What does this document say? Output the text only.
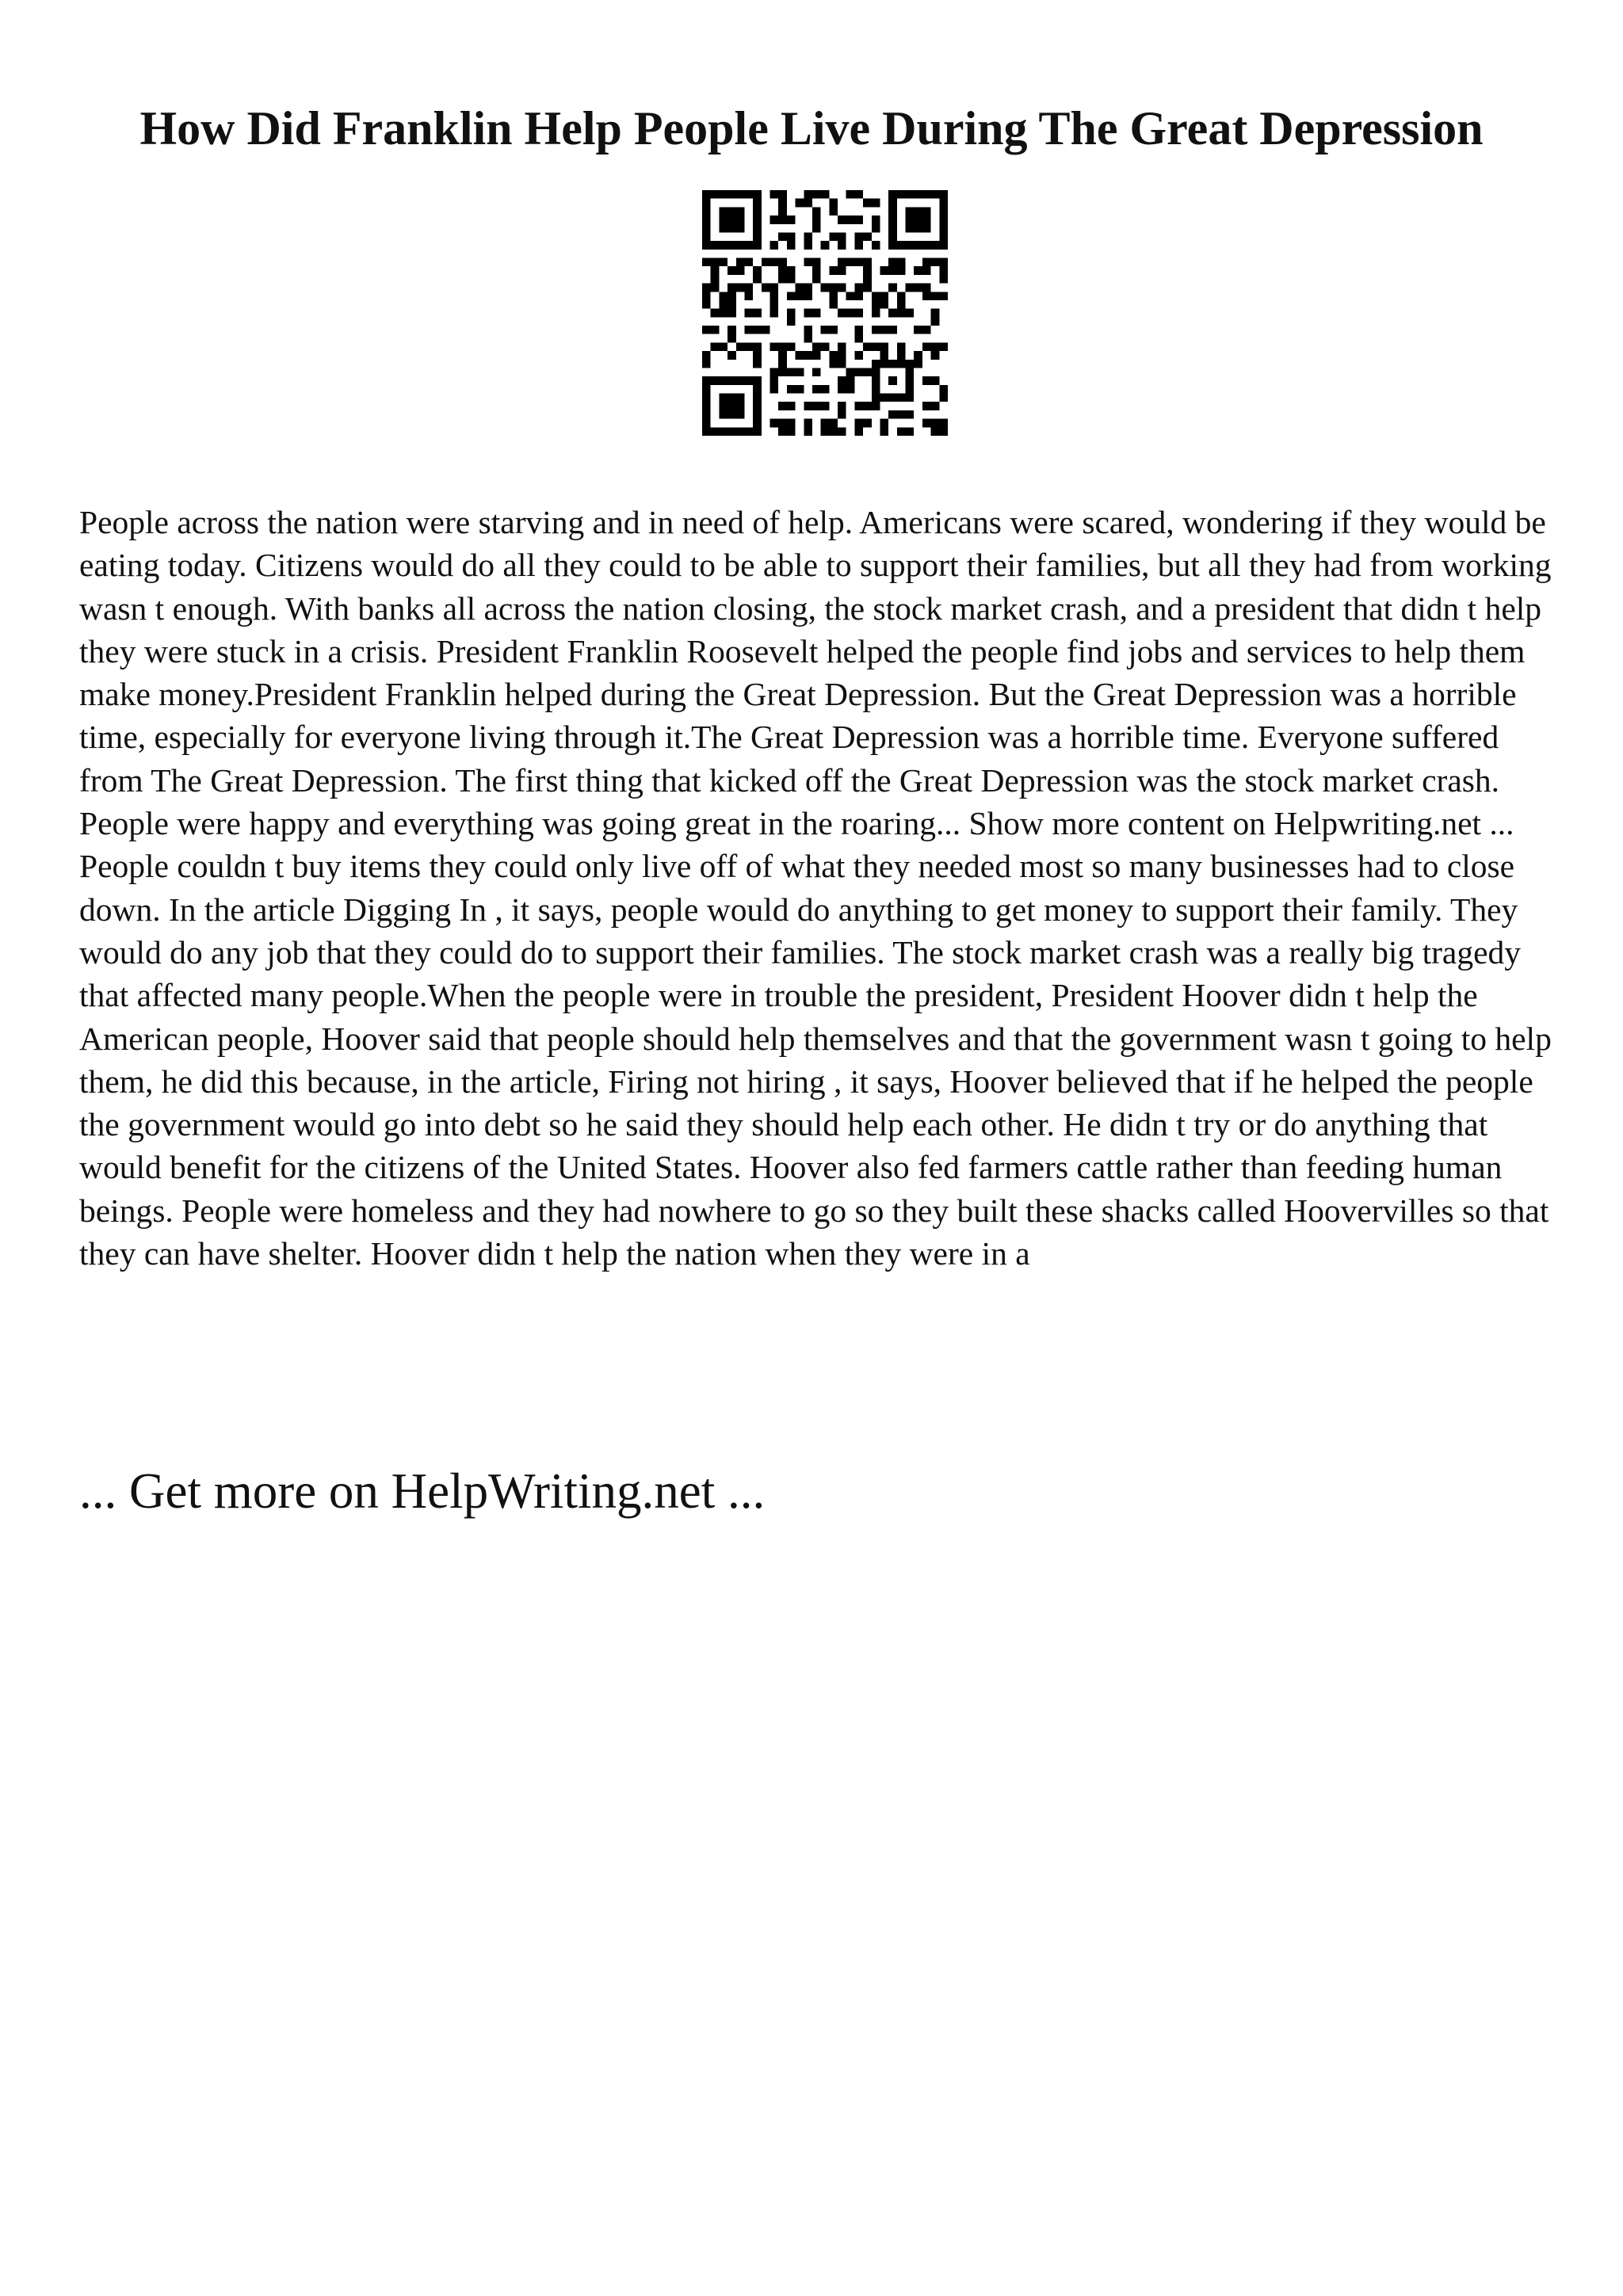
How Did Franklin Help People Live During The Great Depression

People across the nation were starving and in need of help. Americans were scared, wondering if they would be eating today. Citizens would do all they could to be able to support their families, but all they had from working wasn t enough. With banks all across the nation closing, the stock market crash, and a president that didn t help they were stuck in a crisis. President Franklin Roosevelt helped the people find jobs and services to help them make money.President Franklin helped during the Great Depression. But the Great Depression was a horrible time, especially for everyone living through it.The Great Depression was a horrible time. Everyone suffered from The Great Depression. The first thing that kicked off the Great Depression was the stock market crash. People were happy and everything was going great in the roaring... Show more content on Helpwriting.net ...

People couldn t buy items they could only live off of what they needed most so many businesses had to close down. In the article Digging In , it says, people would do anything to get money to support their family. They would do any job that they could do to support their families. The stock market crash was a really big tragedy that affected many people.When the people were in trouble the president, President Hoover didn t help the American people, Hoover said that people should help themselves and that the government wasn t going to help them, he did this because, in the article, Firing not hiring , it says, Hoover believed that if he helped the people the government would go into debt so he said they should help each other. He didn t try or do anything that would benefit for the citizens of the United States. Hoover also fed farmers cattle rather than feeding human beings. People were homeless and they had nowhere to go so they built these shacks called Hoovervilles so that they can have shelter. Hoover didn t help the nation when they were in a

... Get more on HelpWriting.net ...
